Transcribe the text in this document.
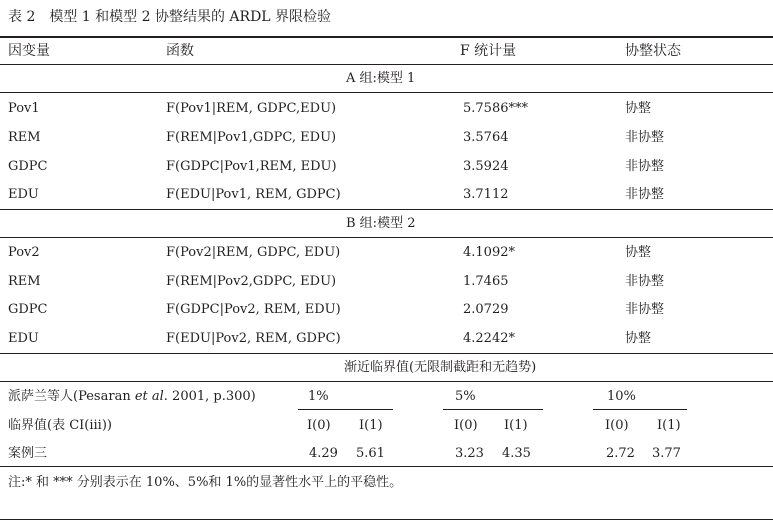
表 2　模型 1 和模型 2 协整结果的 ARDL 界限检验
因变量	函数	F 统计量	协整状态
A 组:模型 1
Pov1	F(Pov1|REM, GDPC,EDU)	5.7586***	协整
REM	F(REM|Pov1,GDPC, EDU)	3.5764	非协整
GDPC	F(GDPC|Pov1,REM, EDU)	3.5924	非协整
EDU	F(EDU|Pov1, REM, GDPC)	3.7112	非协整
B 组:模型 2
Pov2	F(Pov2|REM, GDPC, EDU)	4.1092*	协整
REM	F(REM|Pov2,GDPC, EDU)	1.7465	非协整
GDPC	F(GDPC|Pov2, REM, EDU)	2.0729	非协整
EDU	F(EDU|Pov2, REM, GDPC)	4.2242*	协整
渐近临界值(无限制截距和无趋势)
派萨兰等人(Pesaran et al. 2001, p.300)	1%	5%	10%
临界值(表 CI(iii))	I(0) I(1)	I(0) I(1)	I(0) I(1)
案例三	4.29 5.61	3.23 4.35	2.72 3.77
注:* 和 *** 分别表示在 10%、5%和 1%的显著性水平上的平稳性。
